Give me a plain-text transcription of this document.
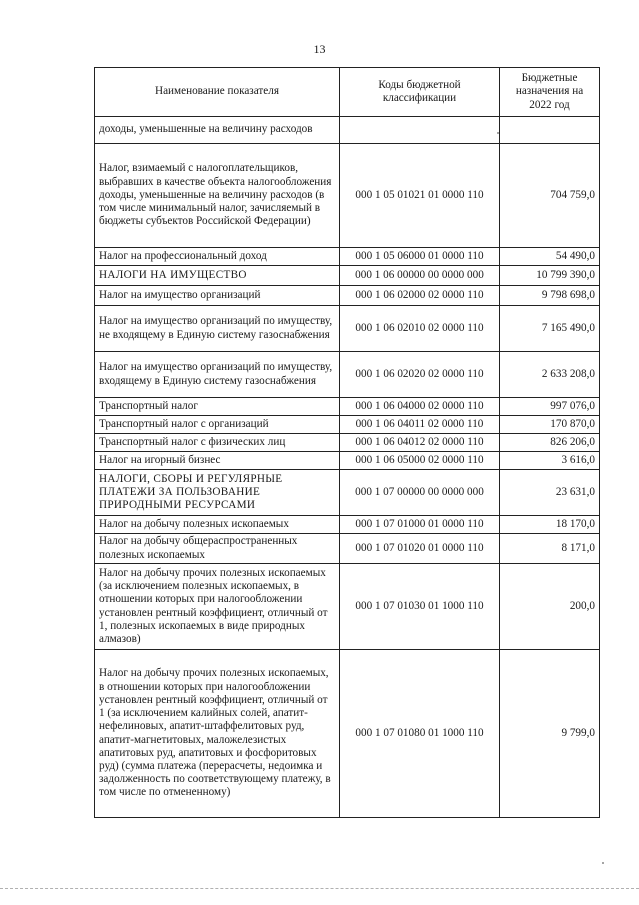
13
Наименование показателя	Коды бюджетной классификации	Бюджетные назначения на 2022 год
доходы, уменьшенные на величину расходов		
Налог, взимаемый с налогоплательщиков, выбравших в качестве объекта налогообложения доходы, уменьшенные на величину расходов (в том числе минимальный налог, зачисляемый в бюджеты субъектов Российской Федерации)	000 1 05 01021 01 0000 110	704 759,0
Налог на профессиональный доход	000 1 05 06000 01 0000 110	54 490,0
НАЛОГИ НА ИМУЩЕСТВО	000 1 06 00000 00 0000 000	10 799 390,0
Налог на имущество организаций	000 1 06 02000 02 0000 110	9 798 698,0
Налог на имущество организаций по имуществу, не входящему в Единую систему газоснабжения	000 1 06 02010 02 0000 110	7 165 490,0
Налог на имущество организаций по имуществу, входящему в Единую систему газоснабжения	000 1 06 02020 02 0000 110	2 633 208,0
Транспортный налог	000 1 06 04000 02 0000 110	997 076,0
Транспортный налог с организаций	000 1 06 04011 02 0000 110	170 870,0
Транспортный налог с физических лиц	000 1 06 04012 02 0000 110	826 206,0
Налог на игорный бизнес	000 1 06 05000 02 0000 110	3 616,0
НАЛОГИ, СБОРЫ И РЕГУЛЯРНЫЕ ПЛАТЕЖИ ЗА ПОЛЬЗОВАНИЕ ПРИРОДНЫМИ РЕСУРСАМИ	000 1 07 00000 00 0000 000	23 631,0
Налог на добычу полезных ископаемых	000 1 07 01000 01 0000 110	18 170,0
Налог на добычу общераспространенных полезных ископаемых	000 1 07 01020 01 0000 110	8 171,0
Налог на добычу прочих полезных ископаемых (за исключением полезных ископаемых, в отношении которых при налогообложении установлен рентный коэффициент, отличный от 1, полезных ископаемых в виде природных алмазов)	000 1 07 01030 01 1000 110	200,0
Налог на добычу прочих полезных ископаемых, в отношении которых при налогообложении установлен рентный коэффициент, отличный от 1 (за исключением калийных солей, апатит-нефелиновых, апатит-штаффелитовых руд, апатит-магнетитовых, маложелезистых апатитовых руд, апатитовых и фосфоритовых руд) (сумма платежа (перерасчеты, недоимка и задолженность по соответствующему платежу, в том числе по отмененному)	000 1 07 01080 01 1000 110	9 799,0
